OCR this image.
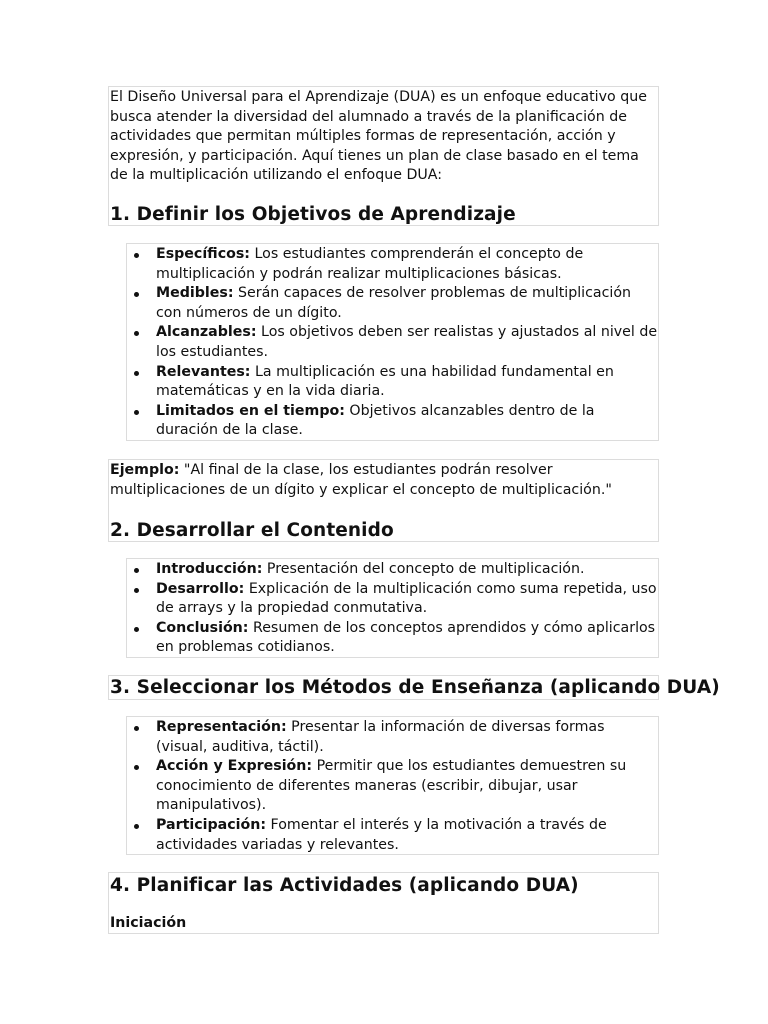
El Diseño Universal para el Aprendizaje (DUA) es un enfoque educativo que busca atender la diversidad del alumnado a través de la planificación de actividades que permitan múltiples formas de representación, acción y expresión, y participación. Aquí tienes un plan de clase basado en el tema de la multiplicación utilizando el enfoque DUA:
1. Definir los Objetivos de Aprendizaje
Específicos: Los estudiantes comprenderán el concepto de multiplicación y podrán realizar multiplicaciones básicas.
Medibles: Serán capaces de resolver problemas de multiplicación con números de un dígito.
Alcanzables: Los objetivos deben ser realistas y ajustados al nivel de los estudiantes.
Relevantes: La multiplicación es una habilidad fundamental en matemáticas y en la vida diaria.
Limitados en el tiempo: Objetivos alcanzables dentro de la duración de la clase.
Ejemplo: "Al final de la clase, los estudiantes podrán resolver multiplicaciones de un dígito y explicar el concepto de multiplicación."
2. Desarrollar el Contenido
Introducción: Presentación del concepto de multiplicación.
Desarrollo: Explicación de la multiplicación como suma repetida, uso de arrays y la propiedad conmutativa.
Conclusión: Resumen de los conceptos aprendidos y cómo aplicarlos en problemas cotidianos.
3. Seleccionar los Métodos de Enseñanza (aplicando DUA)
Representación: Presentar la información de diversas formas (visual, auditiva, táctil).
Acción y Expresión: Permitir que los estudiantes demuestren su conocimiento de diferentes maneras (escribir, dibujar, usar manipulativos).
Participación: Fomentar el interés y la motivación a través de actividades variadas y relevantes.
4. Planificar las Actividades (aplicando DUA)
Iniciación
